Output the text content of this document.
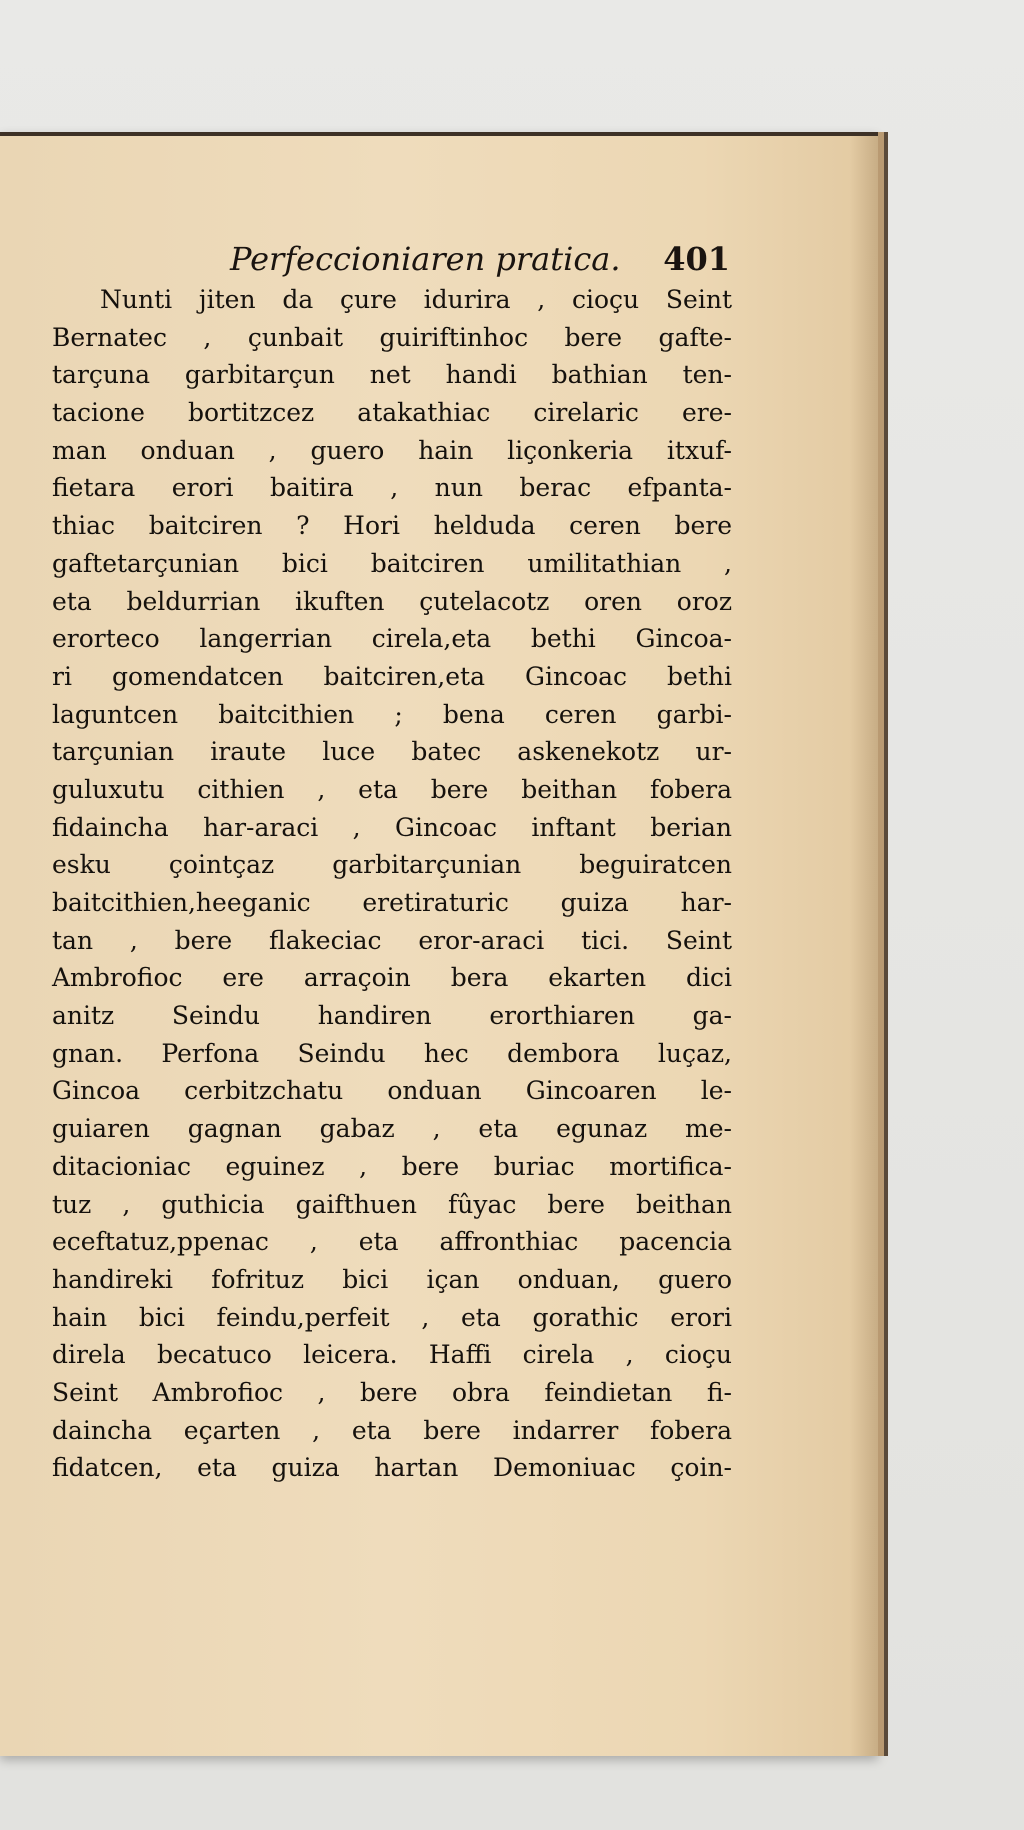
Perfeccioniaren pratica. 401
Nunti jiten da çure idurira , cioçu Seint
Bernatec , çunbait guiriftinhoc bere gafte-
tarçuna garbitarçun net handi bathian ten-
tacione bortitzcez atakathiac cirelaric ere-
man onduan , guero hain liçonkeria itxuf-
fietara erori baitira , nun berac efpanta-
thiac baitciren ? Hori helduda ceren bere
gaftetarçunian bici baitciren umilitathian ,
eta beldurrian ikuften çutelacotz oren oroz
erorteco langerrian cirela,eta bethi Gincoa-
ri gomendatcen baitciren,eta Gincoac bethi
laguntcen baitcithien ; bena ceren garbi-
tarçunian iraute luce batec askenekotz ur-
guluxutu cithien , eta bere beithan fobera
fidaincha har-araci , Gincoac inftant berian
esku çointçaz garbitarçunian beguiratcen
baitcithien,heeganic eretiraturic guiza har-
tan , bere flakeciac eror-araci tici. Seint
Ambrofioc ere arraçoin bera ekarten dici
anitz Seindu handiren erorthiaren ga-
gnan. Perfona Seindu hec dembora luçaz,
Gincoa cerbitzchatu onduan Gincoaren le-
guiaren gagnan gabaz , eta egunaz me-
ditacioniac eguinez , bere buriac mortifica-
tuz , guthicia gaifthuen fûyac bere beithan
eceftatuz,ppenac , eta affronthiac pacencia
handireki fofrituz bici içan onduan, guero
hain bici feindu,perfeit , eta gorathic erori
direla becatuco leicera. Haffi cirela , cioçu
Seint Ambrofioc , bere obra feindietan fi-
daincha eçarten , eta bere indarrer fobera
fidatcen, eta guiza hartan Demoniuac çoin-
